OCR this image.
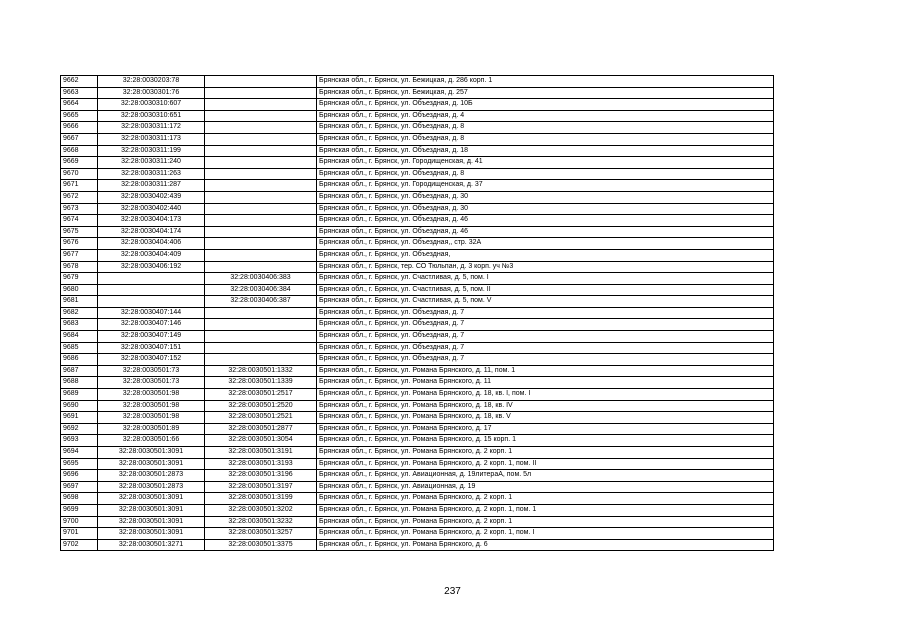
9662	32:28:0030203:78		Брянская обл., г. Брянск, ул. Бежицкая, д. 286 корп. 1
9663	32:28:0030301:76		Брянская обл., г. Брянск, ул. Бежицкая, д. 257
9664	32:28:0030310:607		Брянская обл., г. Брянск, ул. Объездная, д. 10Б
9665	32:28:0030310:651		Брянская обл., г. Брянск, ул. Объездная, д. 4
9666	32:28:0030311:172		Брянская обл., г. Брянск, ул. Объездная, д. 8
9667	32:28:0030311:173		Брянская обл., г. Брянск, ул. Объездная, д. 8
9668	32:28:0030311:199		Брянская обл., г. Брянск, ул. Объездная, д. 18
9669	32:28:0030311:240		Брянская обл., г. Брянск, ул. Городищенская, д. 41
9670	32:28:0030311:263		Брянская обл., г. Брянск, ул. Объездная, д. 8
9671	32:28:0030311:287		Брянская обл., г. Брянск, ул. Городищенская, д. 37
9672	32:28:0030402:439		Брянская обл., г. Брянск, ул. Объездная, д. 30
9673	32:28:0030402:440		Брянская обл., г. Брянск, ул. Объездная, д. 30
9674	32:28:0030404:173		Брянская обл., г. Брянск, ул. Объездная, д. 46
9675	32:28:0030404:174		Брянская обл., г. Брянск, ул. Объездная, д. 46
9676	32:28:0030404:406		Брянская обл., г. Брянск, ул. Объездная,, стр. 32А
9677	32:28:0030404:409		Брянская обл., г. Брянск, ул. Объездная,
9678	32:28:0030406:192		Брянская обл., г. Брянск, тер. СО Тюльпан, д. 3 корп. уч №3
9679		32:28:0030406:383	Брянская обл., г. Брянск, ул. Счастливая, д. 5, пом. I
9680		32:28:0030406:384	Брянская обл., г. Брянск, ул. Счастливая, д. 5, пом. II
9681		32:28:0030406:387	Брянская обл., г. Брянск, ул. Счастливая, д. 5, пом. V
9682	32:28:0030407:144		Брянская обл., г. Брянск, ул. Объездная, д. 7
9683	32:28:0030407:146		Брянская обл., г. Брянск, ул. Объездная, д. 7
9684	32:28:0030407:149		Брянская обл., г. Брянск, ул. Объездная, д. 7
9685	32:28:0030407:151		Брянская обл., г. Брянск, ул. Объездная, д. 7
9686	32:28:0030407:152		Брянская обл., г. Брянск, ул. Объездная, д. 7
9687	32:28:0030501:73	32:28:0030501:1332	Брянская обл., г. Брянск, ул. Романа Брянского, д. 11, пом. 1
9688	32:28:0030501:73	32:28:0030501:1339	Брянская обл., г. Брянск, ул. Романа Брянского, д. 11
9689	32:28:0030501:98	32:28:0030501:2517	Брянская обл., г. Брянск, ул. Романа Брянского, д. 18, кв. I, пом. I
9690	32:28:0030501:98	32:28:0030501:2520	Брянская обл., г. Брянск, ул. Романа Брянского, д. 18, кв. IV
9691	32:28:0030501:98	32:28:0030501:2521	Брянская обл., г. Брянск, ул. Романа Брянского, д. 18, кв. V
9692	32:28:0030501:89	32:28:0030501:2877	Брянская обл., г. Брянск, ул. Романа Брянского, д. 17
9693	32:28:0030501:66	32:28:0030501:3054	Брянская обл., г. Брянск, ул. Романа Брянского, д. 15 корп. 1
9694	32:28:0030501:3091	32:28:0030501:3191	Брянская обл., г. Брянск, ул. Романа Брянского, д. 2 корп. 1
9695	32:28:0030501:3091	32:28:0030501:3193	Брянская обл., г. Брянск, ул. Романа Брянского, д. 2 корп. 1, пом. II
9696	32:28:0030501:2873	32:28:0030501:3196	Брянская обл., г. Брянск, ул. Авиационная, д. 19литераА, пом. 5л
9697	32:28:0030501:2873	32:28:0030501:3197	Брянская обл., г. Брянск, ул. Авиационная, д. 19
9698	32:28:0030501:3091	32:28:0030501:3199	Брянская обл., г. Брянск, ул. Романа Брянского, д. 2 корп. 1
9699	32:28:0030501:3091	32:28:0030501:3202	Брянская обл., г. Брянск, ул. Романа Брянского, д. 2 корп. 1, пом. 1
9700	32:28:0030501:3091	32:28:0030501:3232	Брянская обл., г. Брянск, ул. Романа Брянского, д. 2 корп. 1
9701	32:28:0030501:3091	32:28:0030501:3257	Брянская обл., г. Брянск, ул. Романа Брянского, д. 2 корп. 1, пом. I
9702	32:28:0030501:3271	32:28:0030501:3375	Брянская обл., г. Брянск, ул. Романа Брянского, д. 6
237
